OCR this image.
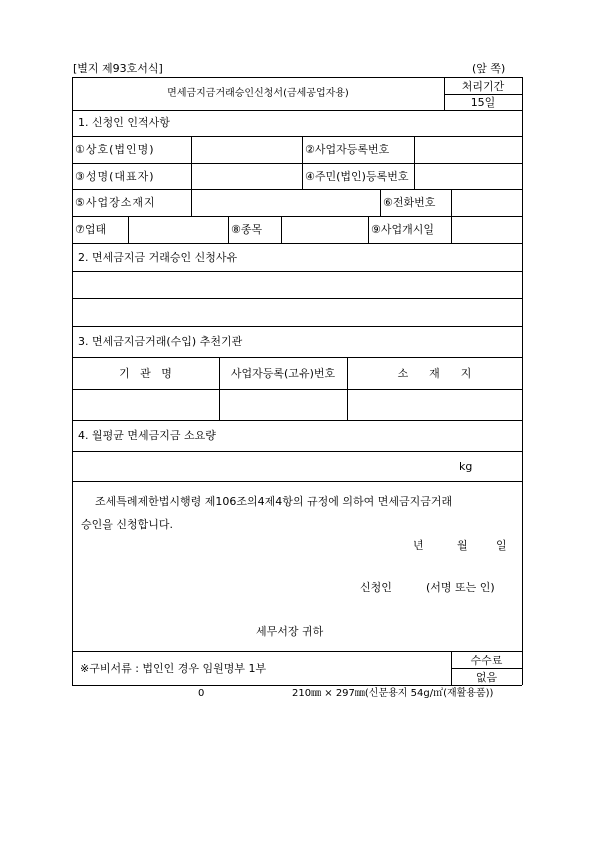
[별지 제93호서식]	(앞 쪽)
면세금지금거래승인신청서(금세공업자용)
처리기간
15일
1. 신청인 인적사항
①상호(법인명)	②사업자등록번호
③성명(대표자)	④주민(법인)등록번호
⑤사업장소재지	⑥전화번호
⑦업태	⑧종목	⑨사업개시일
2. 면세금지금 거래승인 신청사유
3. 면세금지금거래(수입) 추천기관
기   관   명	사업자등록(고유)번호	소      재      지
4. 월평균 면세금지금 소요량
kg
조세특례제한법시행령 제106조의4제4항의 규정에 의하여 면세금지금거래
승인을 신청합니다.
년	월	일
신청인	(서명 또는 인)
세무서장 귀하
※구비서류 : 법인인 경우 임원명부 1부
수수료
없음
0	210㎜ × 297㎜(신문용지 54g/㎡(재활용품))
